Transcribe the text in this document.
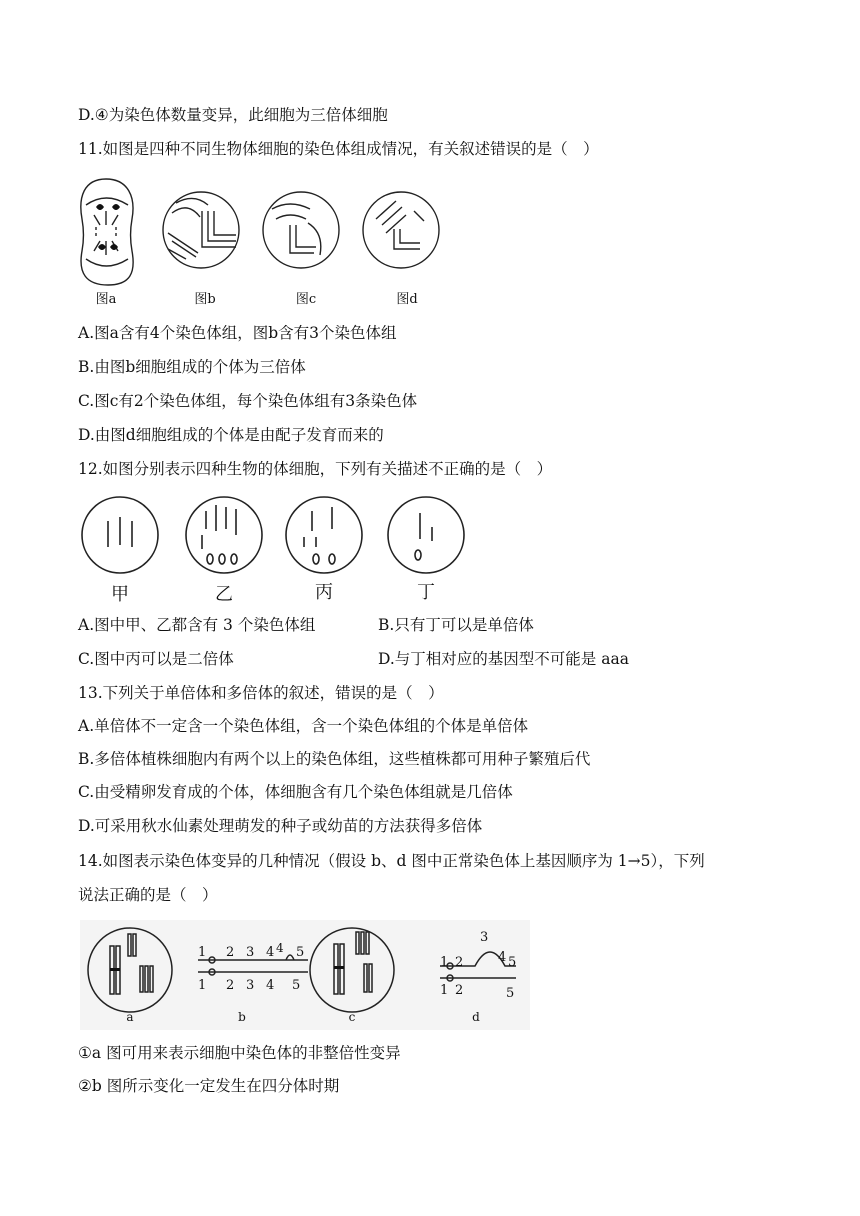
D.④为染色体数量变异，此细胞为三倍体细胞
11.如图是四种不同生物体细胞的染色体组成情况，有关叙述错误的是（　）
图a	图b	图c	图d
A.图a含有4个染色体组，图b含有3个染色体组
B.由图b细胞组成的个体为三倍体
C.图c有2个染色体组，每个染色体组有3条染色体
D.由图d细胞组成的个体是由配子发育而来的
12.如图分别表示四种生物的体细胞，下列有关描述不正确的是（　）
甲	乙	丙	丁
A.图中甲、乙都含有 3 个染色体组	B.只有丁可以是单倍体
C.图中丙可以是二倍体	D.与丁相对应的基因型不可能是 aaa
13.下列关于单倍体和多倍体的叙述，错误的是（　）
A.单倍体不一定含一个染色体组，含一个染色体组的个体是单倍体
B.多倍体植株细胞内有两个以上的染色体组，这些植株都可用种子繁殖后代
C.由受精卵发育成的个体，体细胞含有几个染色体组就是几倍体
D.可采用秋水仙素处理萌发的种子或幼苗的方法获得多倍体
14.如图表示染色体变异的几种情况（假设 b、d 图中正常染色体上基因顺序为 1→5），下列
说法正确的是（　）
1 2 3 4 4 5
1 2 3 4 5
3
1 2	4 5
1 2	5
a	b	c	d
①a 图可用来表示细胞中染色体的非整倍性变异
②b 图所示变化一定发生在四分体时期
